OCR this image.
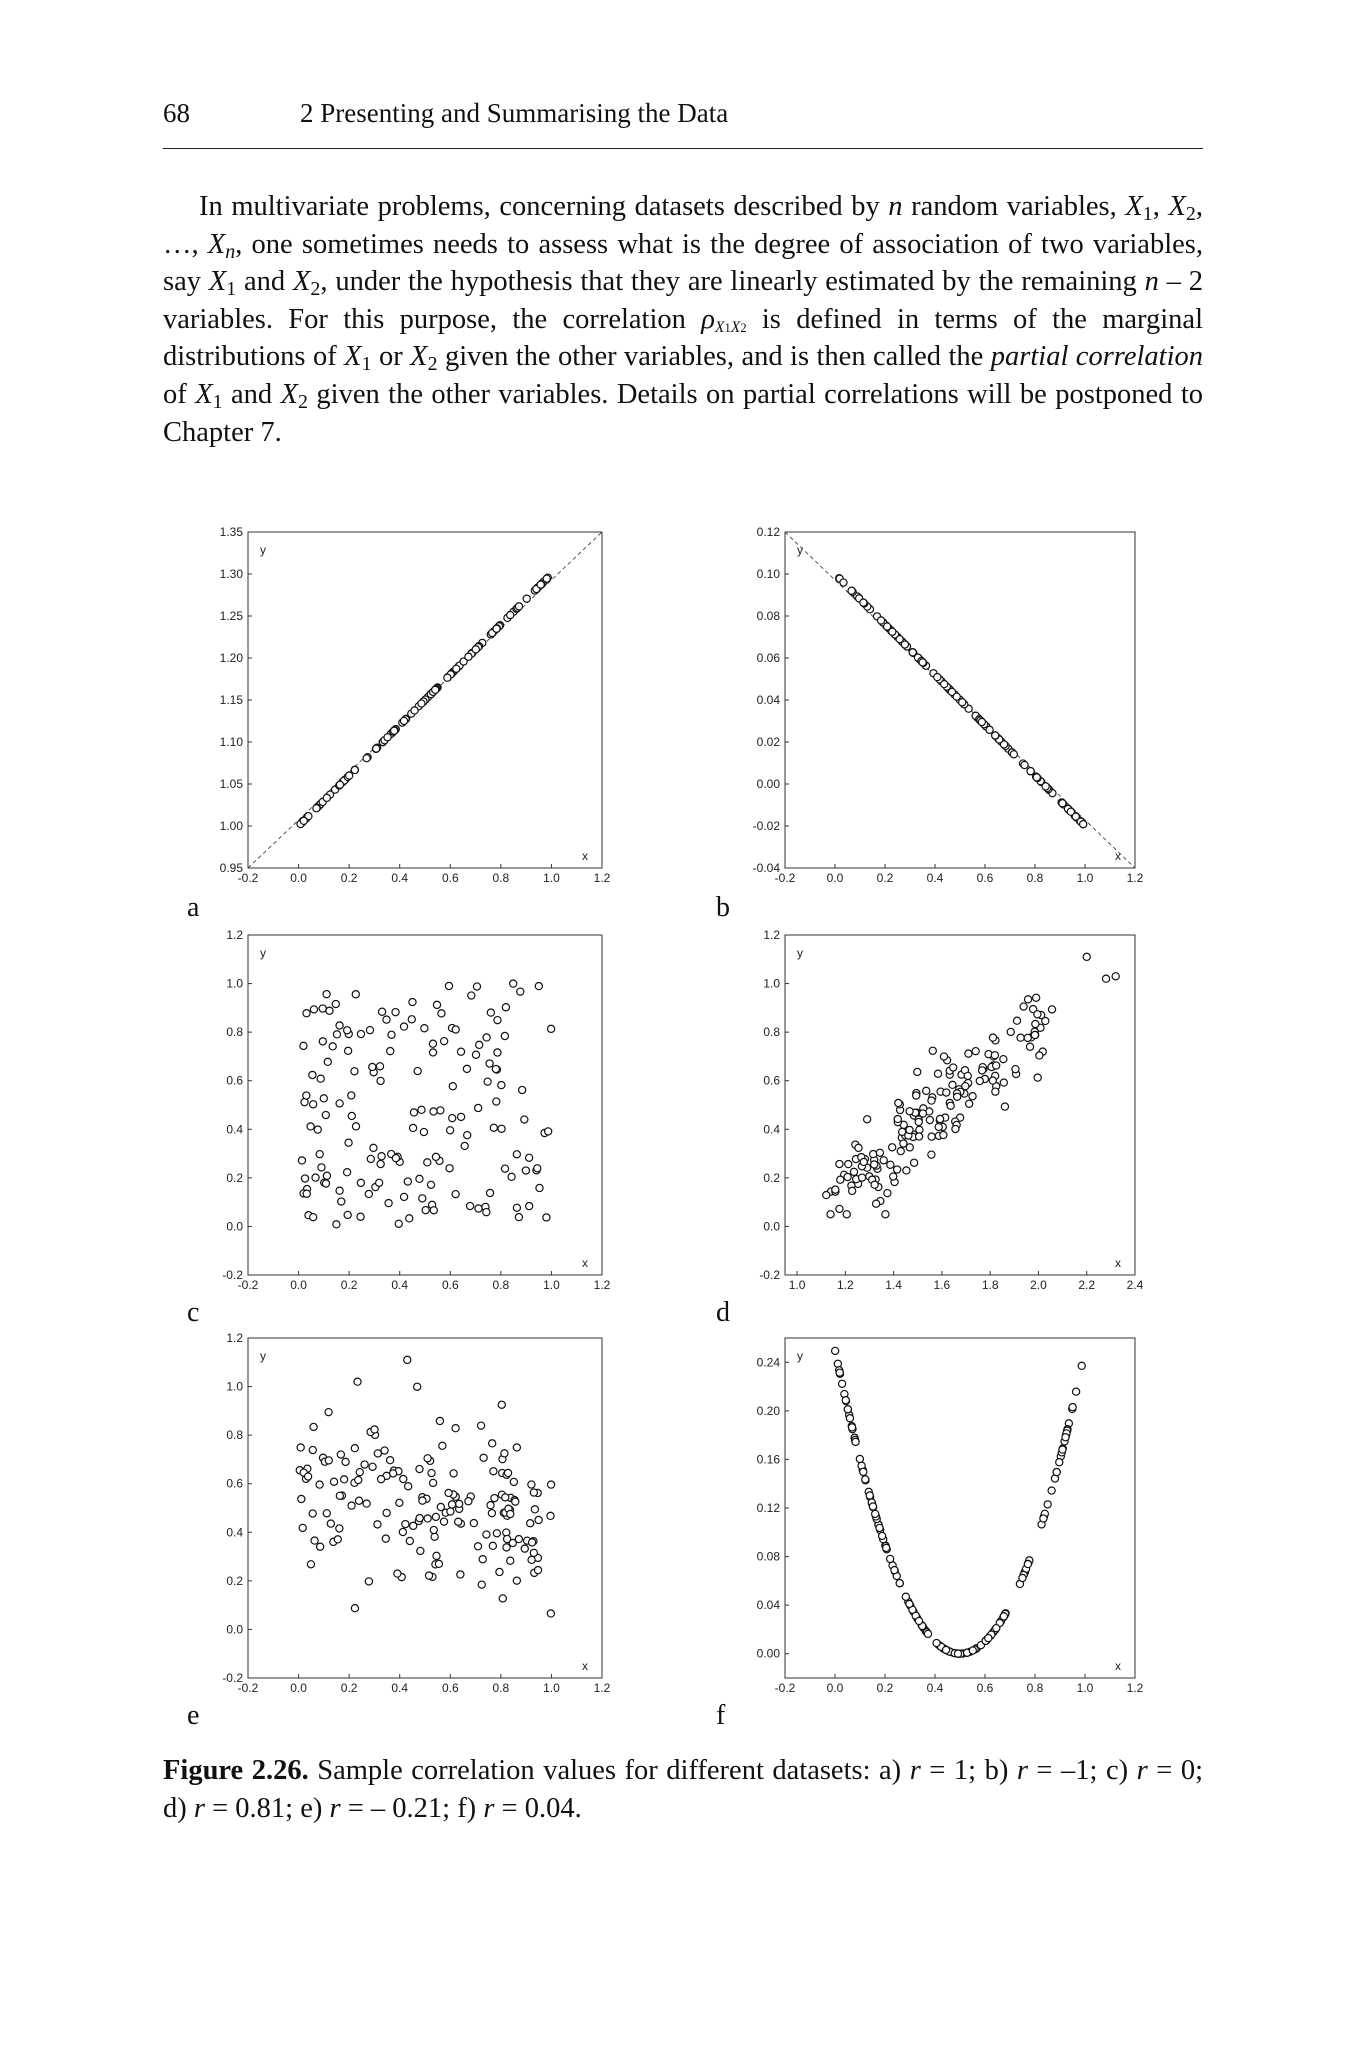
68	2 Presenting and Summarising the Data

In multivariate problems, concerning datasets described by n random variables, $X_1$, $X_2$, …, $X_n$, one sometimes needs to assess what is the degree of association of two variables, say $X_1$ and $X_2$, under the hypothesis that they are linearly estimated by the remaining n – 2 variables. For this purpose, the correlation $\rho_{X1X2}$ is defined in terms of the marginal distributions of $X_1$ or $X_2$ given the other variables, and is then called the partial correlation of $X_1$ and $X_2$ given the other variables. Details on partial correlations will be postponed to Chapter 7.

-0.2	0.0	0.2	0.4	0.6	0.8	1.0	1.2
1.35
1.30
1.25
1.20
1.15
1.10
1.05
1.00
0.95
y
x
-0.2	0.0	0.2	0.4	0.6	0.8	1.0	1.2
0.12
0.10
0.08
0.06
0.04
0.02
0.00
-0.02
-0.04
y
x
-0.2	0.0	0.2	0.4	0.6	0.8	1.0	1.2
1.2
1.0
0.8
0.6
0.4
0.2
0.0
-0.2
y
x
1.0	1.2	1.4	1.6	1.8	2.0	2.2	2.4
1.2
1.0
0.8
0.6
0.4
0.2
0.0
-0.2
y
x
-0.2	0.0	0.2	0.4	0.6	0.8	1.0	1.2
1.2
1.0
0.8
0.6
0.4
0.2
0.0
-0.2
y
x
-0.2	0.0	0.2	0.4	0.6	0.8	1.0	1.2
0.24
0.20
0.16
0.12
0.08
0.04
0.00
y
x
a	b
c	d
e	f
Figure 2.26. Sample correlation values for different datasets: a) r = 1; b) r = –1; c) r = 0; d) r = 0.81; e) r = – 0.21; f) r = 0.04.
